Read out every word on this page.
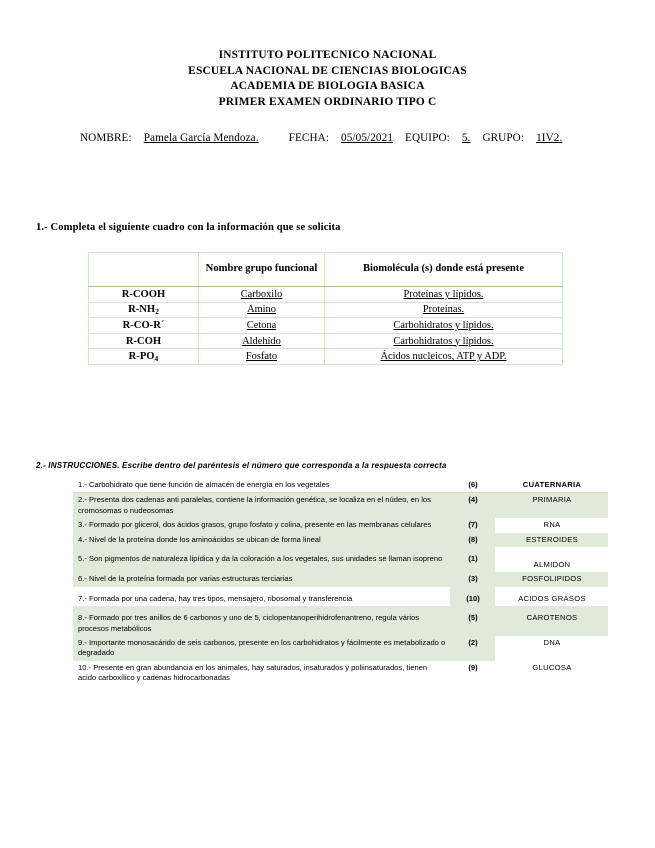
INSTITUTO POLITECNICO NACIONAL
ESCUELA NACIONAL DE CIENCIAS BIOLOGICAS
ACADEMIA DE BIOLOGIA BASICA
PRIMER EXAMEN ORDINARIO TIPO C
NOMBRE: Pamela García Mendoza.	FECHA: 05/05/2021 EQUIPO: 5. GRUPO: 1IV2.
1.- Completa el siguiente cuadro con la información que se solicita
	Nombre grupo funcional	Biomolécula (s) donde está presente
R-COOH	Carboxilo	Proteínas y lípidos.
$R-NH_2$	Amino	Proteínas.
R-CO-R´	Cetona	Carbohidratos y lípidos.
R-COH	Aldehído	Carbohidratos y lípidos.
$R-PO_4$	Fosfato	Ácidos nucleicos, ATP y ADP.
2.- INSTRUCCIONES. Escribe dentro del paréntesis el número que corresponda a la respuesta correcta
1.- Carbohidrato que tiene función de almacén de energía en los vegetales	(6)	CUATERNARIA
2.- Presenta dos cadenas anti paralelas, contiene la información genética, se localiza en el núdeo, en los cromosomas o nudeosomas	(4)	PRIMARIA
3.- Formado por glicerol, dos ácidos grasos, grupo fosfato y colina, presente en las membranas celulares	(7)	RNA
4.- Nivel de la proteína donde los aminoácidos se ubican de forma lineal	(8)	ESTEROIDES
5.- Son pigmentos de naturaleza lipídica y da la coloración a los vegetales, sus unidades se llaman isopreno	(1)	ALMIDON
6.- Nivel de la proteína formada por varias estructuras terciarias	(3)	FOSFOLIPIDOS
7.- Formada por una cadena, hay tres tipos, mensajero, ribosomal y transferencia	(10)	ACIDOS GRASOS
8.- Formado por tres anillos de 6 carbonos y uno de 5, ciclopentanoperihidrofenantreno, regula vários procesos metabólicos	(5)	CAROTENOS
9.- Importante monosacárido de seis carbonos, presente en los carbohidratos y fácilmente es metabolizado o degradado	(2)	DNA
10.- Presente en gran abundancia en los animales, hay saturados, insaturados y poliinsaturados, tienen acido carboxílico y cadenas hidrocarbonadas	(9)	GLUCOSA
